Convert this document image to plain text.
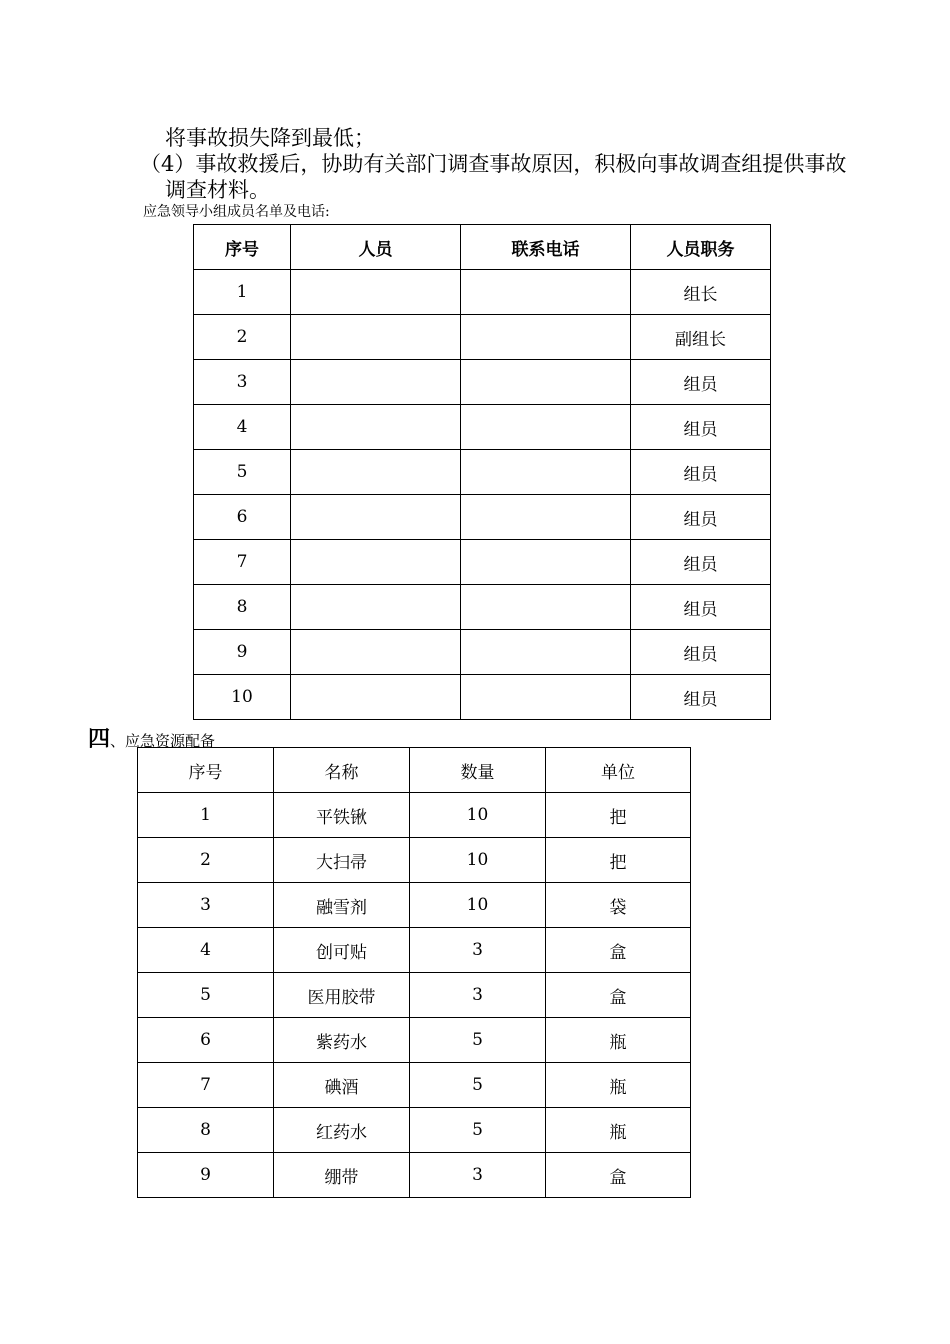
将事故损失降到最低；
（4）事故救援后，协助有关部门调查事故原因，积极向事故调查组提供事故
调查材料。
应急领导小组成员名单及电话:
序号	人员	联系电话	人员职务
1			组长
2			副组长
3			组员
4			组员
5			组员
6			组员
7			组员
8			组员
9			组员
10			组员
四、应急资源配备
序号	名称	数量	单位
1	平铁锹	10	把
2	大扫帚	10	把
3	融雪剂	10	袋
4	创可贴	3	盒
5	医用胶带	3	盒
6	紫药水	5	瓶
7	碘酒	5	瓶
8	红药水	5	瓶
9	绷带	3	盒
